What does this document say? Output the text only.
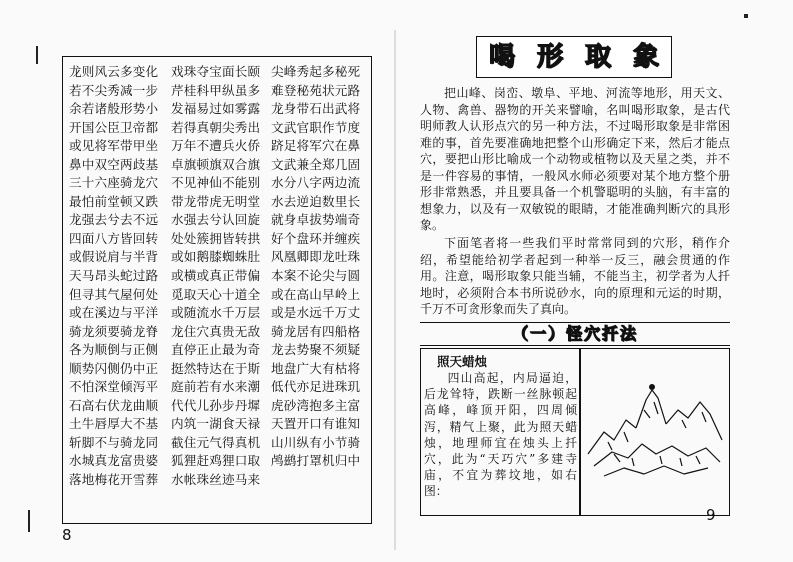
龙则风云多变化
若不尖秀减一步
余若诸般形势小
开国公臣卫帝都
或见将军带甲坐
鼻中双空两歧基
三十六座骑龙穴
最怕前堂顿又跌
龙强去兮去不远
四面八方皆回转
或假说肩与半背
天马昂头蛇过路
但寻其气屋何处
或在溪边与平洋
骑龙须要骑龙脊
各为顺倒与正侧
顺势闪侧仍中正
不怕深堂倾泻平
石高右伏龙曲顺
土牛唇厚大不基
斩脚不与骑龙同
水城真龙富贵婆
落地梅花开雪葬
戏珠夺宝面长颐
芹桂科甲纵虽多
发福易过如雾露
若得真朝尖秀出
万年不遭兵火侨
卓旗顿旗双合旗
不见神仙不能别
带龙带虎无明堂
水强去兮认回旋
处处簇拥皆转拱
或如鹅膝蜘蛛肚
或横或真正带偏
觅取天心十道全
或随流水千万层
龙住穴真贵无敌
直停正止最为奇
挺然特达在于斯
庭前若有水来潮
代代儿孙步丹墀
内筑一湖食天禄
截住元气得真机
狐狸赶鸡狸口取
水帐珠丝迹马来
尖峰秀起多秘死
难登秘苑状元路
龙身带石出武将
文武官职作节度
跻足将军穴在鼻
文武兼全郑几固
水分八字两边流
水去逆迫数里长
就身卓拔势端奇
好个盘环并缠疾
风凰卿即龙吐珠
本案不论尖与圆
或在高山早岭上
或是水远千万丈
骑龙居有四船格
龙去势聚不须疑
地盘广大有枯将
低代亦足进珠玑
虎砂湾抱多主富
天置开口有谁知
山川纵有小节骑
鸬鹚打罩机归中
8
喝 形 取 象

把山峰、岗峦、墩阜、平地、河流等地形，用天文、人物、禽兽、器物的开关来譬喻，名叫喝形取象，是古代明师教人认形点穴的另一种方法，不过喝形取象是非常困难的事，首先要准确地把整个山形确定下来，然后才能点穴，要把山形比喻成一个动物或植物以及天星之类，并不是一件容易的事情，一般风水师必须要对某个地方整个册形非常熟悉，并且要具备一个机警聪明的头脑，有丰富的想象力，以及有一双敏锐的眼睛，才能准确判断穴的具形象。

下面笔者将一些我们平时常常同到的穴形，稍作介绍，希望能给初学者起到一种举一反三，融会贯通的作用。注意，喝形取象只能当辅，不能当主，初学者为人扦地时，必须附合本书所说砂水，向的原理和元运的时期，千万不可贪形象而失了真向。

（一）怪穴扦法
照天蜡烛

四山高起，内局逼迫，后龙耸特，跌断一丝脉顿起高峰，峰顶开阳，四周倾泻，精气上聚，此为照天蜡烛，地理师宜在烛头上扦穴，此为“天巧穴”多建寺庙，不宜为葬坟地，如右图：

9
